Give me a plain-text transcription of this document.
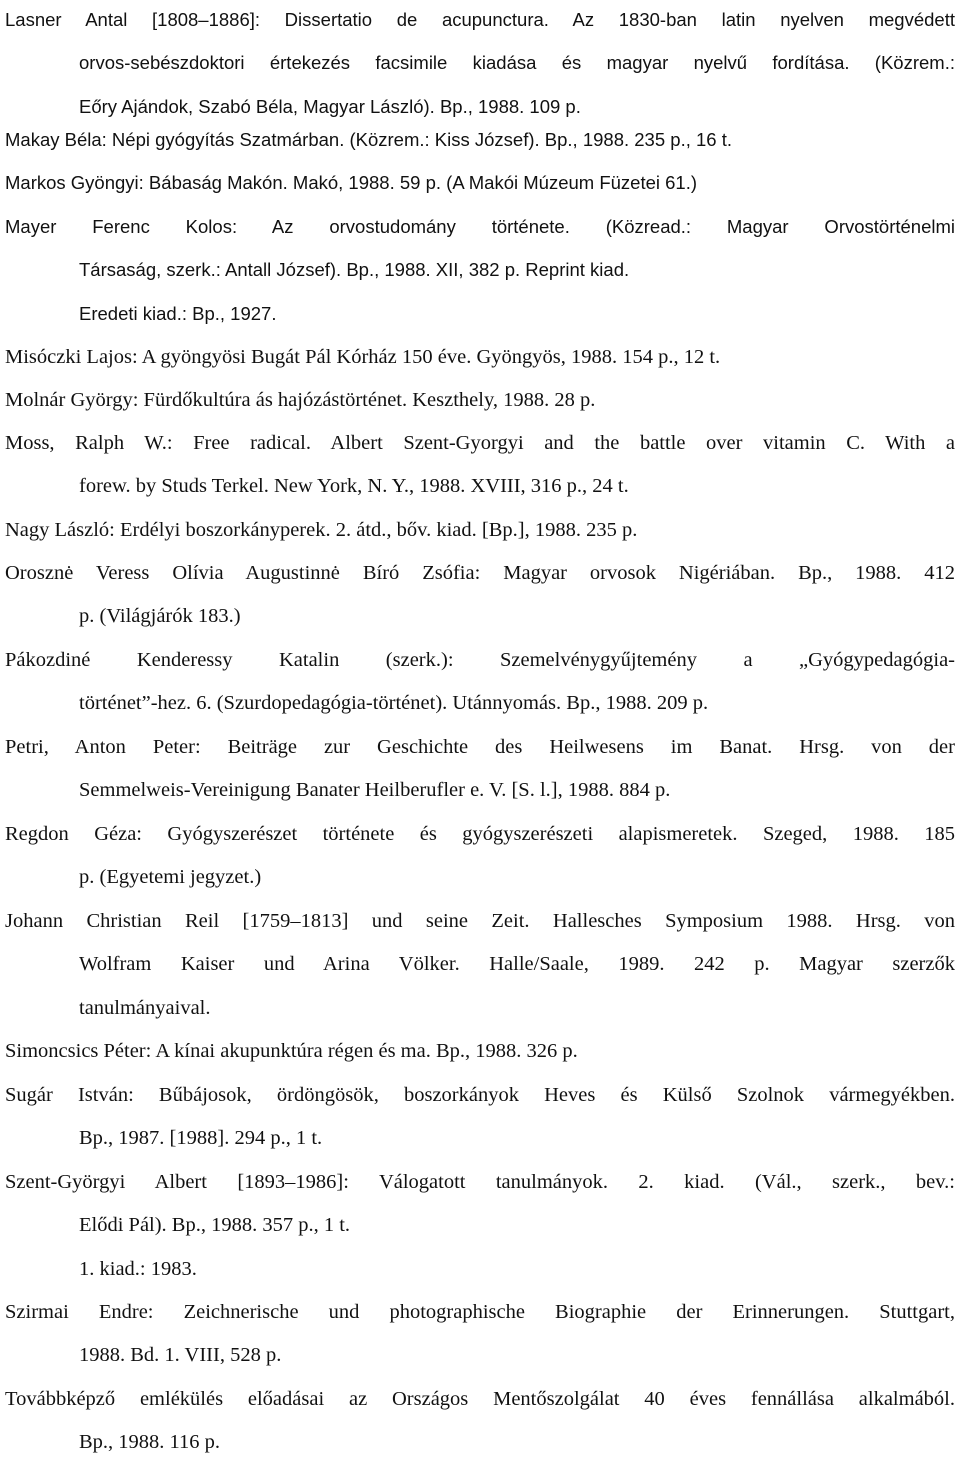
Lasner Antal [1808–1886]: Dissertatio de acupunctura. Az 1830-ban latin nyelven megvédett
orvos-sebészdoktori értekezés facsimile kiadása és magyar nyelvű fordítása. (Közrem.:
Eőry Ajándok, Szabó Béla, Magyar László). Bp., 1988. 109 p.
Makay Béla: Népi gyógyítás Szatmárban. (Közrem.: Kiss József). Bp., 1988. 235 p., 16 t.
Markos Gyöngyi: Bábaság Makón. Makó, 1988. 59 p. (A Makói Múzeum Füzetei 61.)
Mayer Ferenc Kolos: Az orvostudomány története. (Közread.: Magyar Orvostörténelmi
Társaság, szerk.: Antall József). Bp., 1988. XII, 382 p. Reprint kiad.
Eredeti kiad.: Bp., 1927.
Misóczki Lajos: A gyöngyösi Bugát Pál Kórház 150 éve. Gyöngyös, 1988. 154 p., 12 t.
Molnár György: Fürdőkultúra ás hajózástörténet. Keszthely, 1988. 28 p.
Moss, Ralph W.: Free radical. Albert Szent-Gyorgyi and the battle over vitamin C. With a
forew. by Studs Terkel. New York, N. Y., 1988. XVIII, 316 p., 24 t.
Nagy László: Erdélyi boszorkányperek. 2. átd., bőv. kiad. [Bp.], 1988. 235 p.
Orosznė Veress Olívia Augustinnė Bíró Zsófia: Magyar orvosok Nigériában. Bp., 1988. 412
p. (Világjárók 183.)
Pákozdiné Kenderessy Katalin (szerk.): Szemelvénygyűjtemény a „Gyógypedagógia-
történet”-hez. 6. (Szurdopedagógia-történet). Utánnyomás. Bp., 1988. 209 p.
Petri, Anton Peter: Beiträge zur Geschichte des Heilwesens im Banat. Hrsg. von der
Semmelweis-Vereinigung Banater Heilberufler e. V. [S. l.], 1988. 884 p.
Regdon Géza: Gyógyszerészet története és gyógyszerészeti alapismeretek. Szeged, 1988. 185
p. (Egyetemi jegyzet.)
Johann Christian Reil [1759–1813] und seine Zeit. Hallesches Symposium 1988. Hrsg. von
Wolfram Kaiser und Arina Völker. Halle/Saale, 1989. 242 p. Magyar szerzők
tanulmányaival.
Simoncsics Péter: A kínai akupunktúra régen és ma. Bp., 1988. 326 p.
Sugár István: Bűbájosok, ördöngösök, boszorkányok Heves és Külső Szolnok vármegyékben.
Bp., 1987. [1988]. 294 p., 1 t.
Szent-Györgyi Albert [1893–1986]: Válogatott tanulmányok. 2. kiad. (Vál., szerk., bev.:
Elődi Pál). Bp., 1988. 357 p., 1 t.
1. kiad.: 1983.
Szirmai Endre: Zeichnerische und photographische Biographie der Erinnerungen. Stuttgart,
1988. Bd. 1. VIII, 528 p.
Továbbképző emlékülés előadásai az Országos Mentőszolgálat 40 éves fennállása alkalmából.
Bp., 1988. 116 p.
